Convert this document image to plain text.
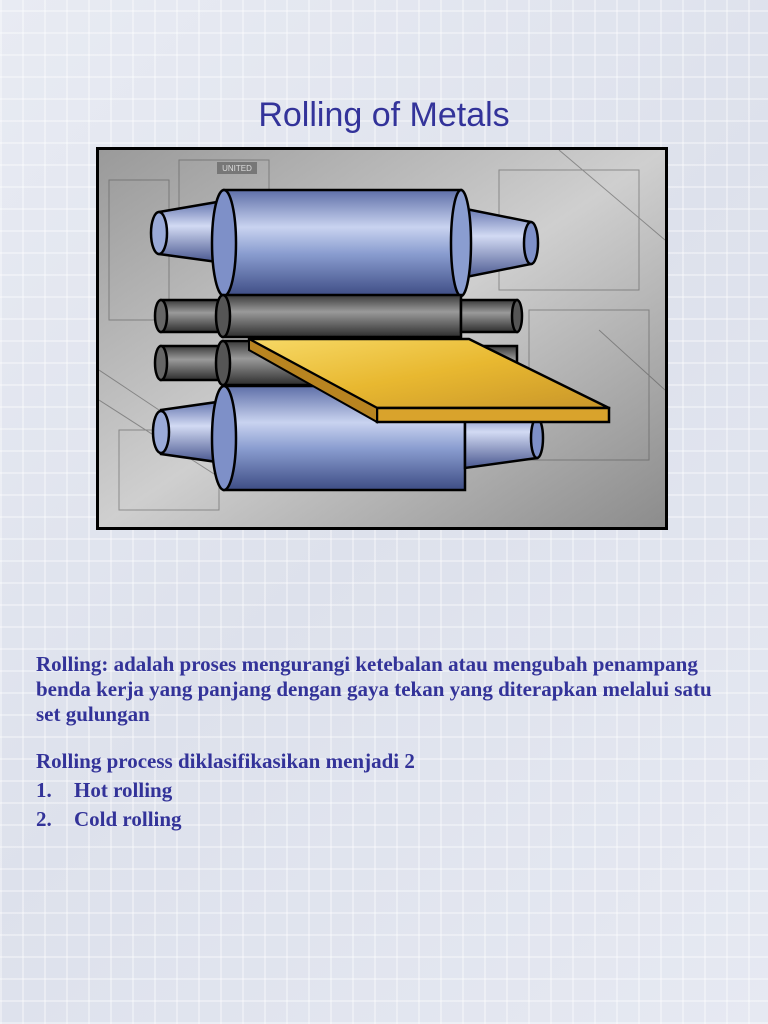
Rolling of Metals
UNITED

Rolling: adalah proses mengurangi ketebalan atau mengubah penampang benda kerja yang panjang dengan gaya tekan yang diterapkan melalui satu set gulungan

Rolling process diklasifikasikan menjadi 2

1.	Hot rolling
2.	Cold rolling
